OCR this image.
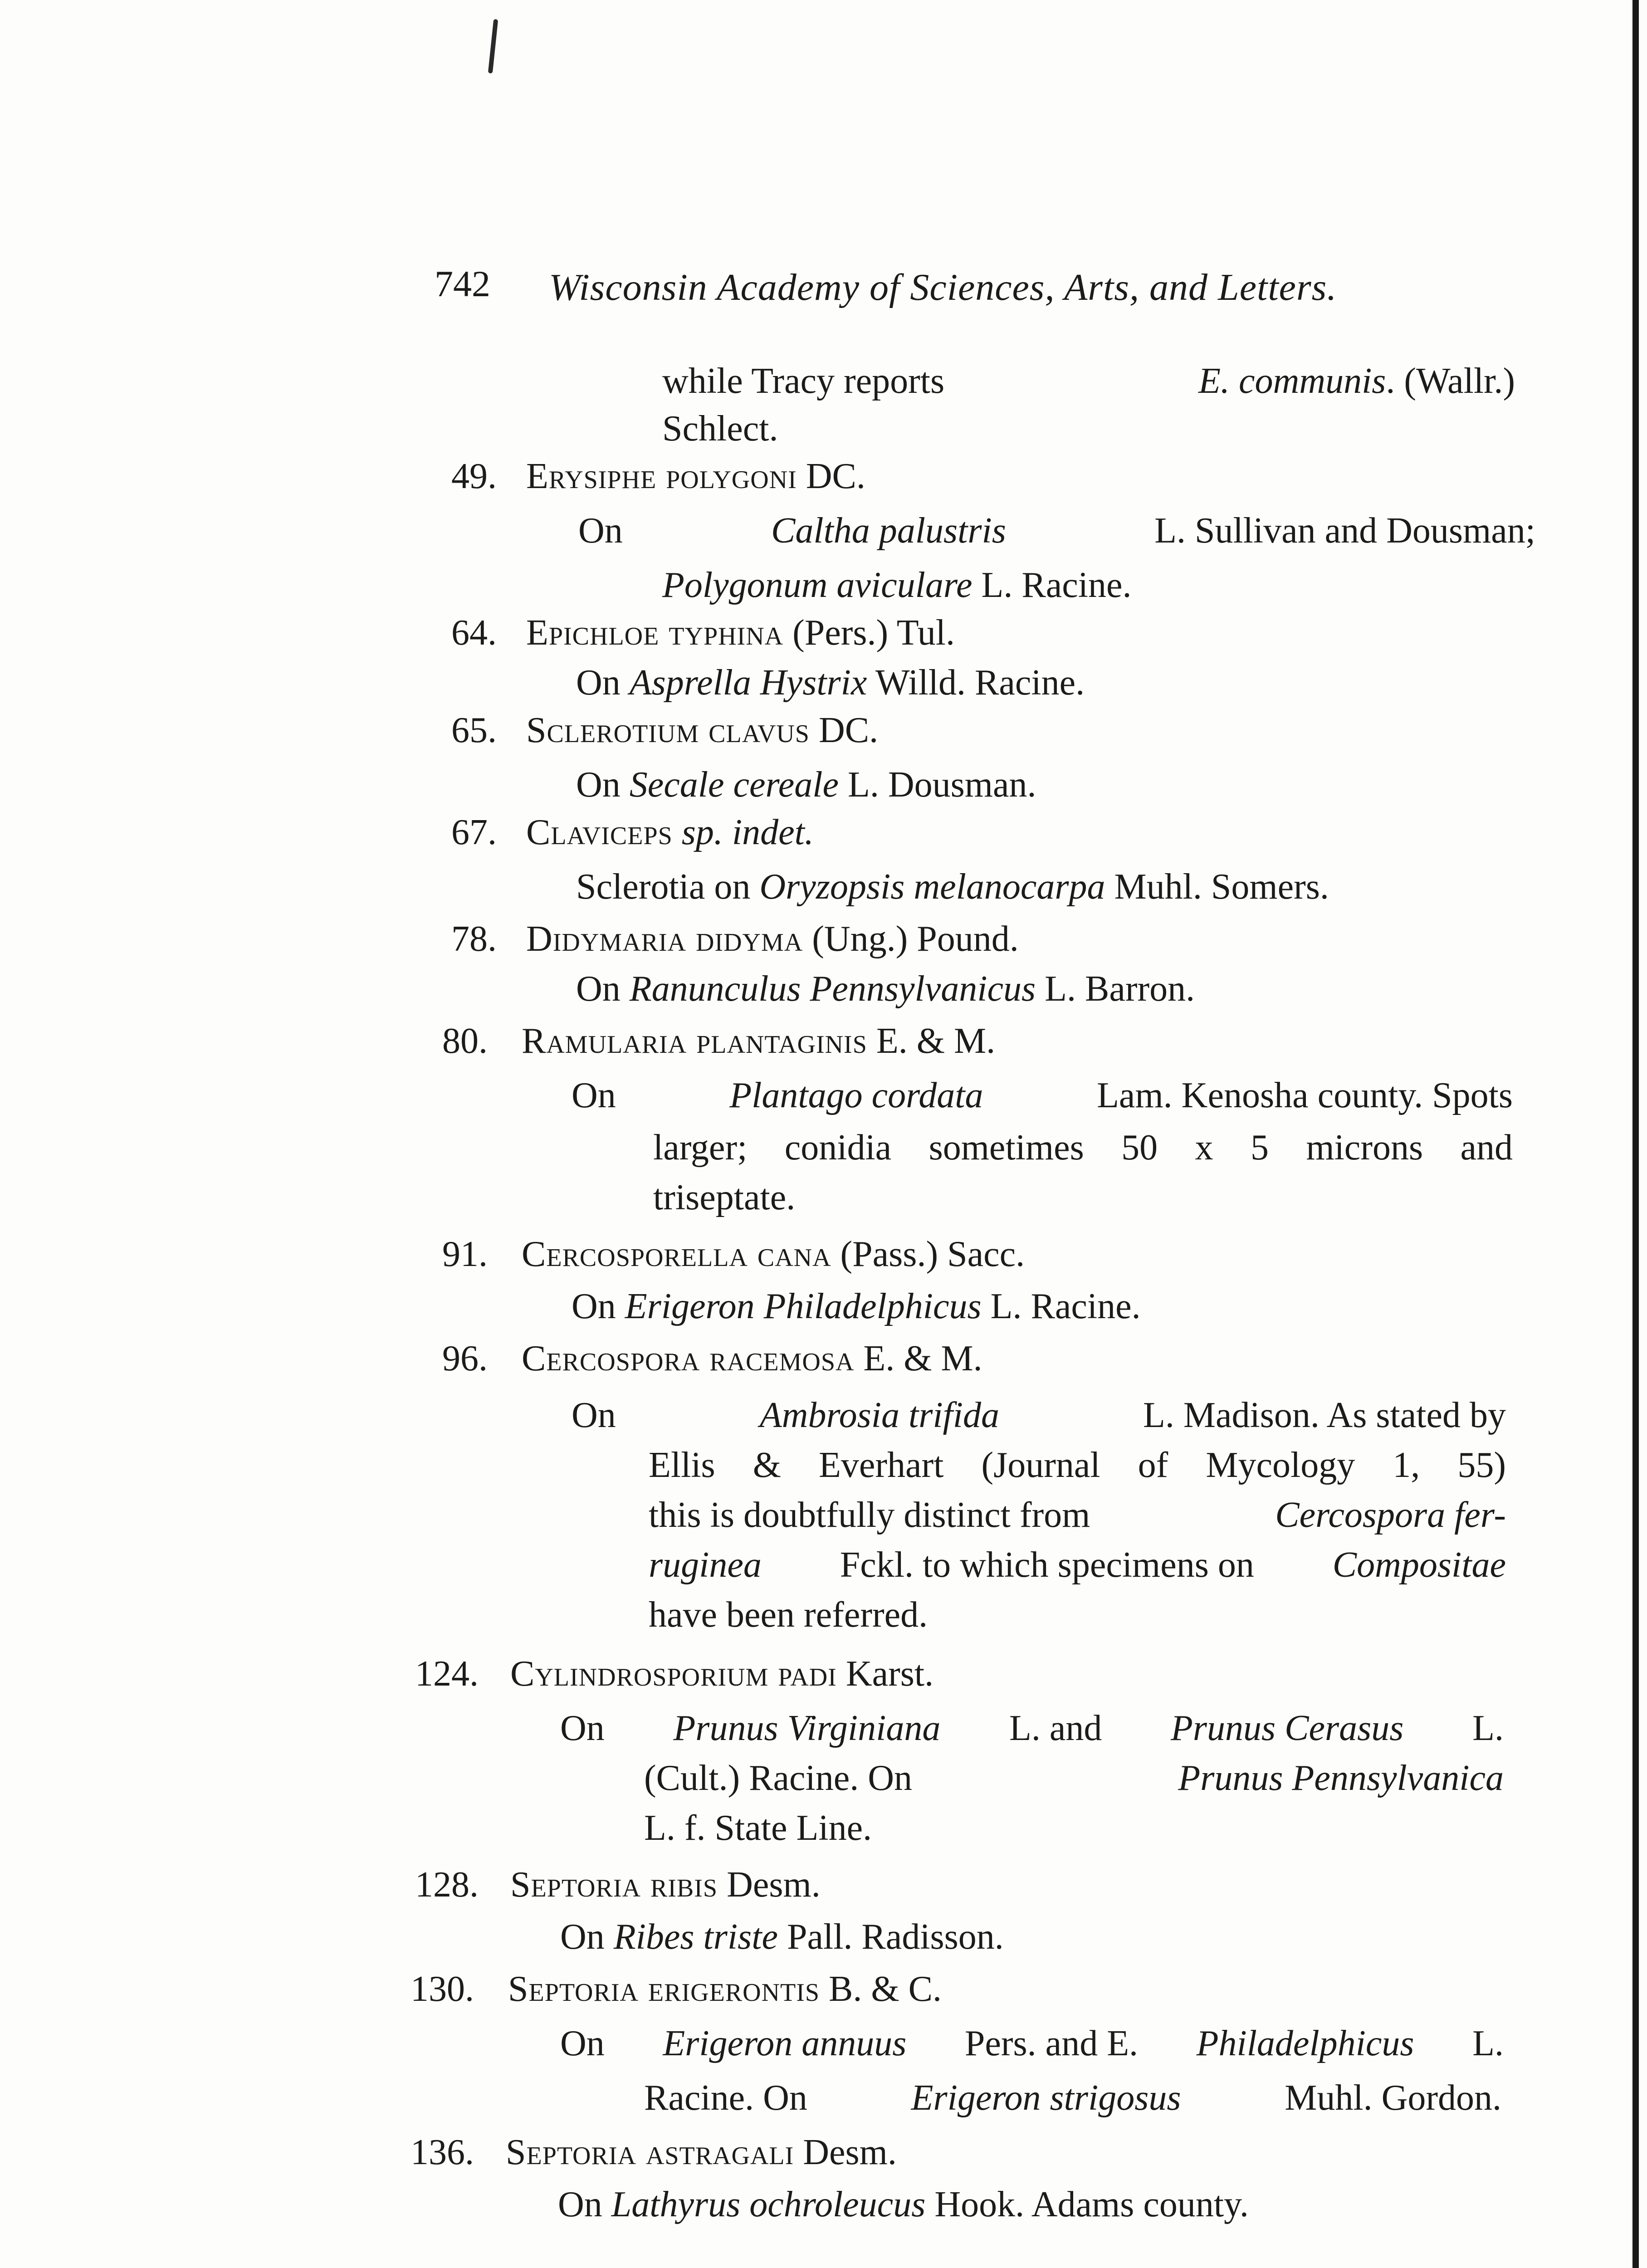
742 Wisconsin Academy of Sciences, Arts, and Letters.
while Tracy reports	E. communis. (Wallr.)
Schlect.
49. Erysiphe polygoni DC.
On	Caltha palustris	L. Sullivan and Dousman;
Polygonum aviculare L. Racine.
64. Epichloe typhina (Pers.) Tul.
On Asprella Hystrix Willd. Racine.
65. Sclerotium clavus DC.
On Secale cereale L. Dousman.
67. Claviceps sp. indet.
Sclerotia on Oryzopsis melanocarpa Muhl. Somers.
78. Didymaria didyma (Ung.) Pound.
On Ranunculus Pennsylvanicus L. Barron.
80. Ramularia plantaginis E. & M.
On	Plantago cordata	Lam. Kenosha county. Spots
larger; conidia sometimes 50 x 5 microns and
triseptate.
91. Cercosporella cana (Pass.) Sacc.
On Erigeron Philadelphicus L. Racine.
96. Cercospora racemosa E. & M.
On	Ambrosia trifida	L. Madison. As stated by
Ellis & Everhart (Journal of Mycology 1, 55)
this is doubtfully distinct from	Cercospora fer-
ruginea Fckl. to which specimens on Compositae
have been referred.
124. Cylindrosporium padi Karst.
On Prunus Virginiana L. and Prunus Cerasus L.
(Cult.) Racine. On	Prunus Pennsylvanica
L. f. State Line.
128. Septoria ribis Desm.
On Ribes triste Pall. Radisson.
130. Septoria erigerontis B. & C.
On Erigeron annuus Pers. and E. Philadelphicus L.
Racine. On	Erigeron strigosus	Muhl. Gordon.
136. Septoria astragali Desm.
On Lathyrus ochroleucus Hook. Adams county.
